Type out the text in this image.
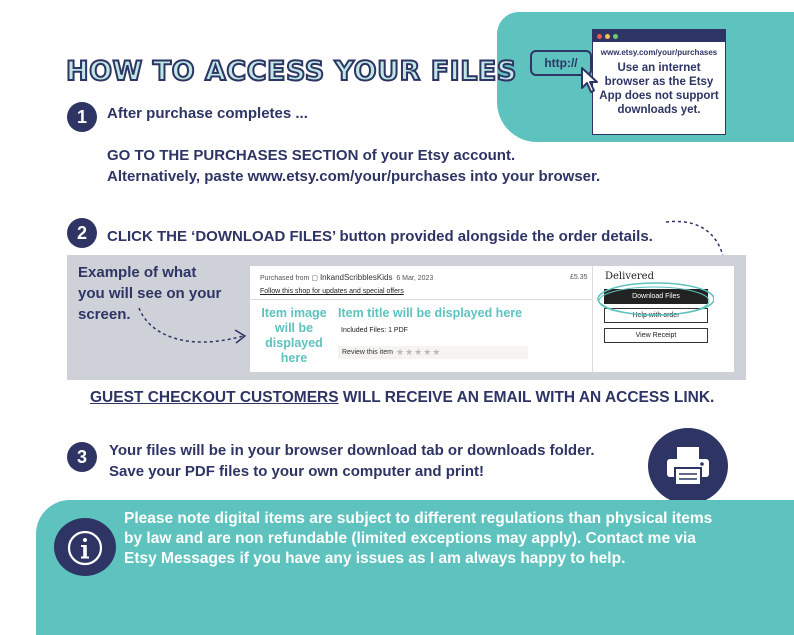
HOW TO ACCESS YOUR FILES	http://
www.etsy.com/your/purchases
Use an internet browser as the Etsy App does not support downloads yet.
1	After purchase completes ...
GO TO THE PURCHASES SECTION of your Etsy account.
Alternatively, paste www.etsy.com/your/purchases into your browser.
2	CLICK THE ‘DOWNLOAD FILES’ button provided alongside the order details.
Example of what
you will see on your
screen.
Purchased from ▢ InkandScribblesKids 6 Mar, 2023	£5.35
Follow this shop for updates and special offers
Item image will be displayed here
Item title will be displayed here
Included Files: 1 PDF
Review this item ★★★★★
Delivered
Download Files
Help with order
View Receipt
GUEST CHECKOUT CUSTOMERS WILL RECEIVE AN EMAIL WITH AN ACCESS LINK.
3	Your files will be in your browser download tab or downloads folder.
Save your PDF files to your own computer and print!
Please note digital items are subject to different regulations than physical items by law and are non refundable (limited exceptions may apply). Contact me via Etsy Messages if you have any issues as I am always happy to help.
